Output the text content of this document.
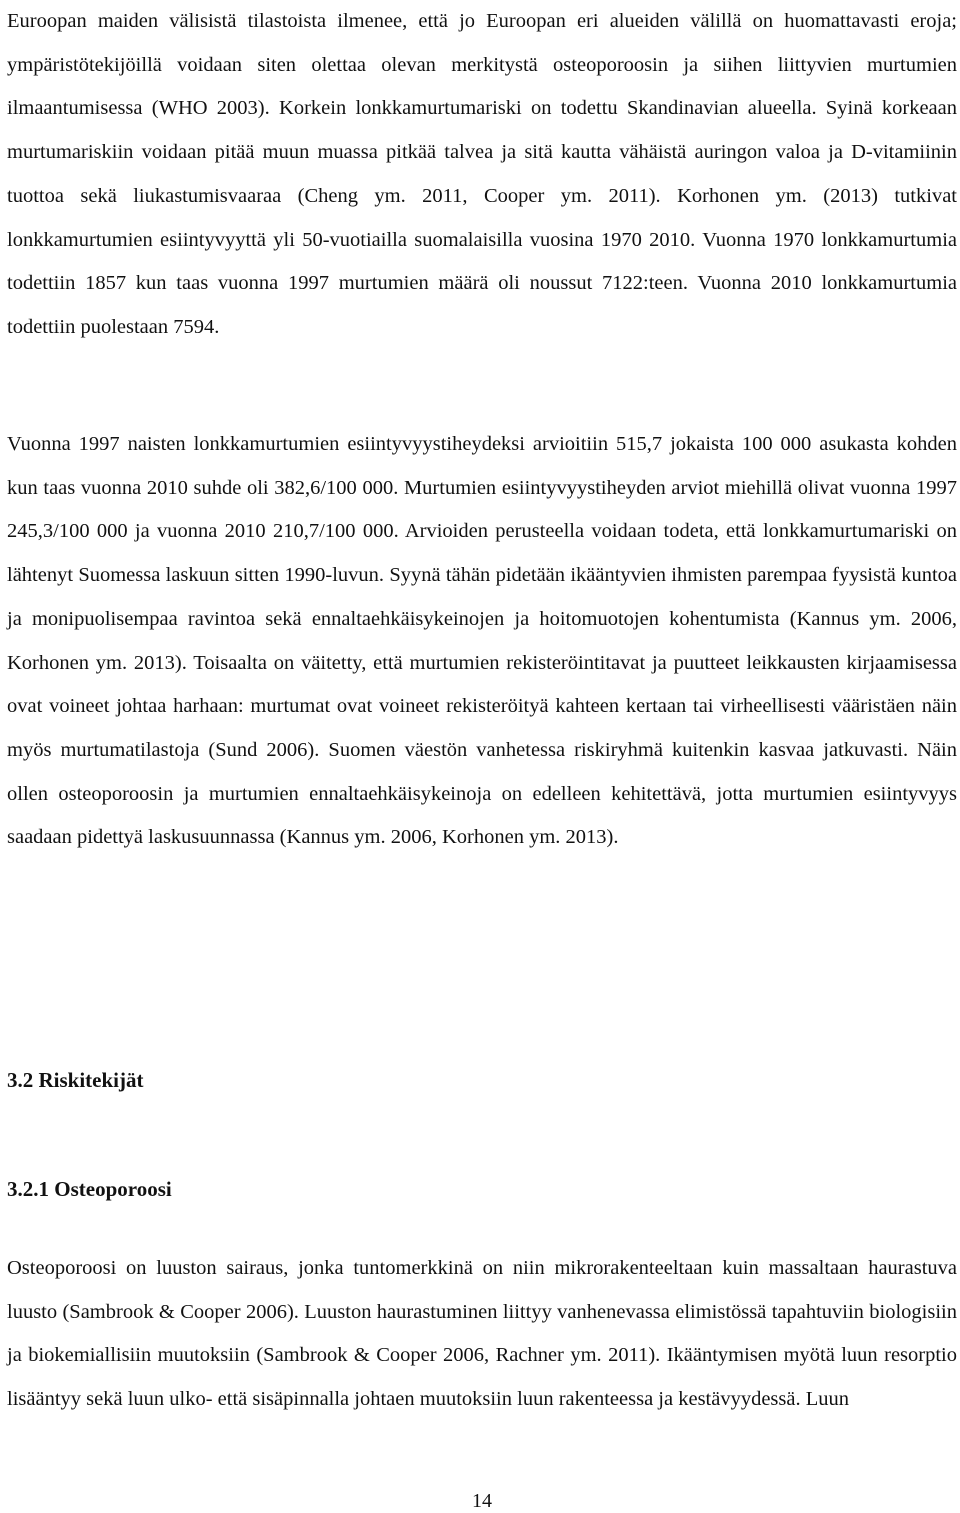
Euroopan maiden välisistä tilastoista ilmenee, että jo Euroopan eri alueiden välillä on huomattavasti eroja; ympäristötekijöillä voidaan siten olettaa olevan merkitystä osteoporoosin ja siihen liittyvien murtumien ilmaantumisessa (WHO 2003). Korkein lonkkamurtumariski on todettu Skandinavian alueella. Syinä korkeaan murtumariskiin voidaan pitää muun muassa pitkää talvea ja sitä kautta vähäistä auringon valoa ja D-vitamiinin tuottoa sekä liukastumisvaaraa (Cheng ym. 2011, Cooper ym. 2011). Korhonen ym. (2013) tutkivat lonkkamurtumien esiintyvyyttä yli 50-vuotiailla suomalaisilla vuosina 1970 2010. Vuonna 1970 lonkkamurtumia todettiin 1857 kun taas vuonna 1997 murtumien määrä oli noussut 7122:teen. Vuonna 2010 lonkkamurtumia todettiin puolestaan 7594.

Vuonna 1997 naisten lonkkamurtumien esiintyvyystiheydeksi arvioitiin 515,7 jokaista 100 000 asukasta kohden kun taas vuonna 2010 suhde oli 382,6/100 000. Murtumien esiintyvyystiheyden arviot miehillä olivat vuonna 1997 245,3/100 000 ja vuonna 2010 210,7/100 000. Arvioiden perusteella voidaan todeta, että lonkkamurtumariski on lähtenyt Suomessa laskuun sitten 1990-luvun. Syynä tähän pidetään ikääntyvien ihmisten parempaa fyysistä kuntoa ja monipuolisempaa ravintoa sekä ennaltaehkäisykeinojen ja hoitomuotojen kohentumista (Kannus ym. 2006, Korhonen ym. 2013). Toisaalta on väitetty, että murtumien rekisteröintitavat ja puutteet leikkausten kirjaamisessa ovat voineet johtaa harhaan: murtumat ovat voineet rekisteröityä kahteen kertaan tai virheellisesti vääristäen näin myös murtumatilastoja (Sund 2006). Suomen väestön vanhetessa riskiryhmä kuitenkin kasvaa jatkuvasti. Näin ollen osteoporoosin ja murtumien ennaltaehkäisykeinoja on edelleen kehitettävä, jotta murtumien esiintyvyys saadaan pidettyä laskusuunnassa (Kannus ym. 2006, Korhonen ym. 2013).

3.2 Riskitekijät
3.2.1 Osteoporoosi

Osteoporoosi on luuston sairaus, jonka tuntomerkkinä on niin mikrorakenteeltaan kuin massaltaan haurastuva luusto (Sambrook & Cooper 2006). Luuston haurastuminen liittyy vanhenevassa elimistössä tapahtuviin biologisiin ja biokemiallisiin muutoksiin (Sambrook & Cooper 2006, Rachner ym. 2011). Ikääntymisen myötä luun resorptio lisääntyy sekä luun ulko- että sisäpinnalla johtaen muutoksiin luun rakenteessa ja kestävyydessä. Luun

14
